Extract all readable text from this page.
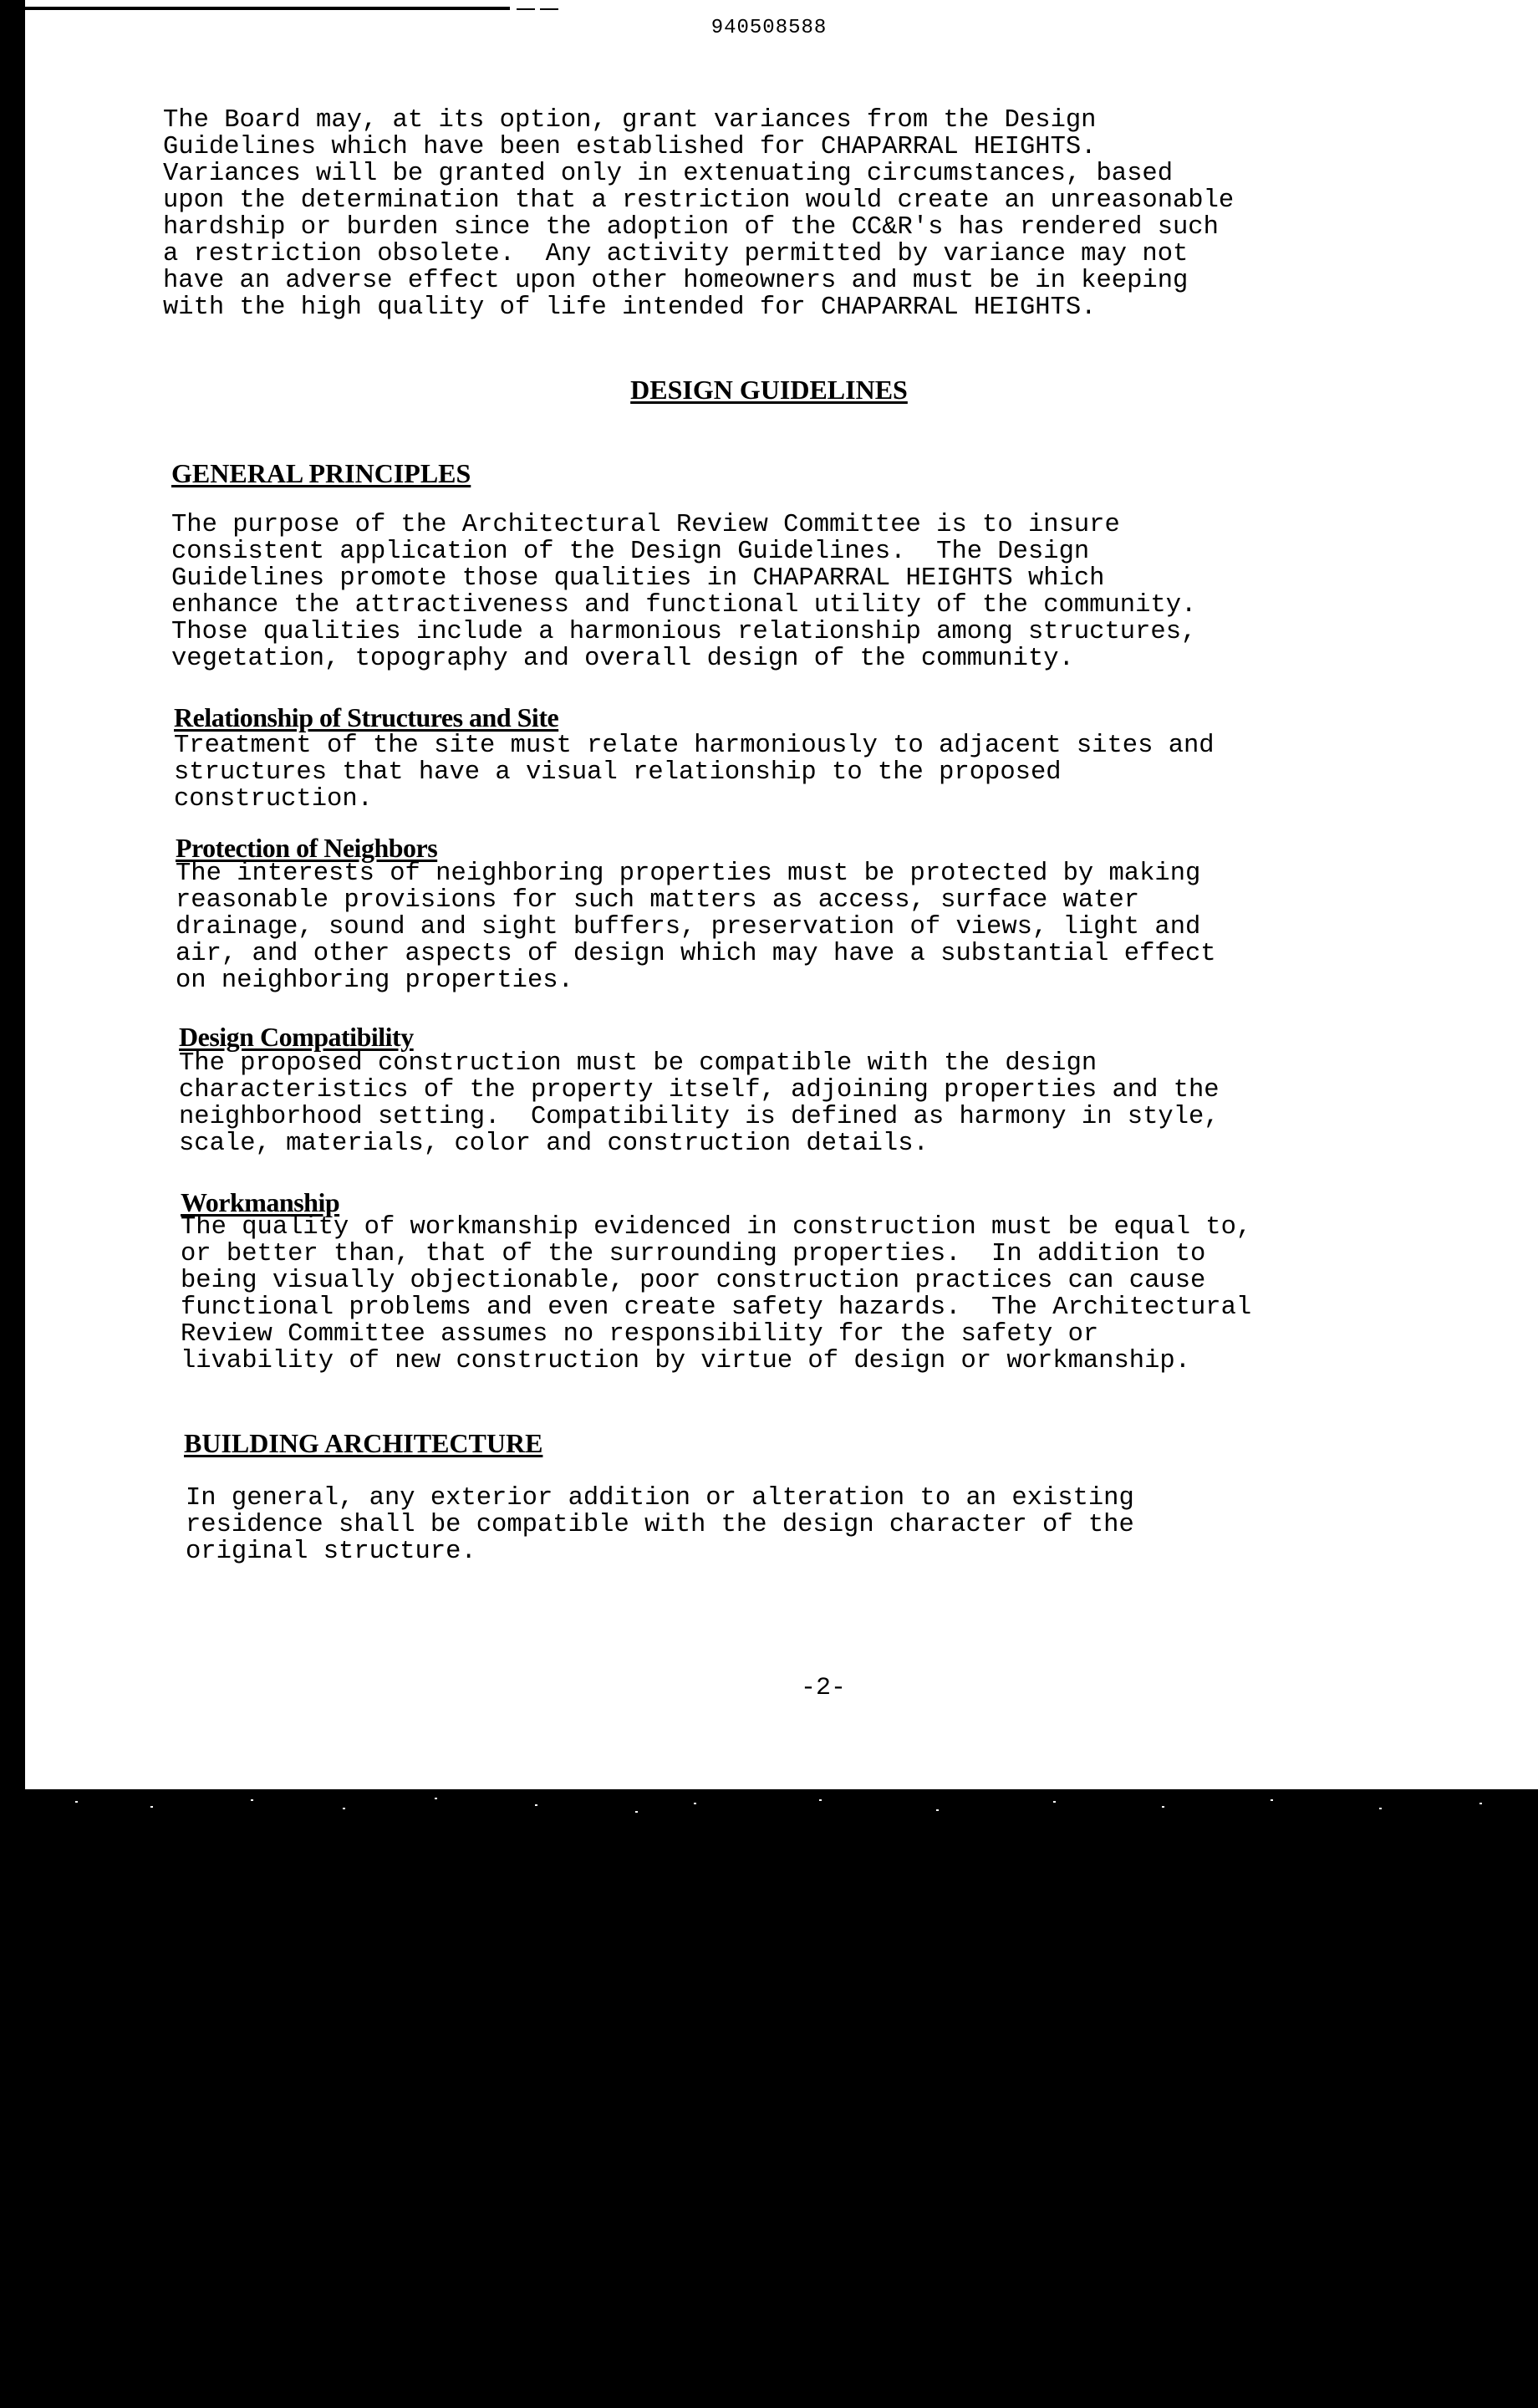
940508588

The Board may, at its option, grant variances from the Design
Guidelines which have been established for CHAPARRAL HEIGHTS.
Variances will be granted only in extenuating circumstances, based
upon the determination that a restriction would create an unreasonable
hardship or burden since the adoption of the CC&R's has rendered such
a restriction obsolete.  Any activity permitted by variance may not
have an adverse effect upon other homeowners and must be in keeping
with the high quality of life intended for CHAPARRAL HEIGHTS.

DESIGN GUIDELINES
GENERAL PRINCIPLES

The purpose of the Architectural Review Committee is to insure
consistent application of the Design Guidelines.  The Design
Guidelines promote those qualities in CHAPARRAL HEIGHTS which
enhance the attractiveness and functional utility of the community.
Those qualities include a harmonious relationship among structures,
vegetation, topography and overall design of the community.

Relationship of Structures and Site

Treatment of the site must relate harmoniously to adjacent sites and
structures that have a visual relationship to the proposed
construction.

Protection of Neighbors

The interests of neighboring properties must be protected by making
reasonable provisions for such matters as access, surface water
drainage, sound and sight buffers, preservation of views, light and
air, and other aspects of design which may have a substantial effect
on neighboring properties.

Design Compatibility

The proposed construction must be compatible with the design
characteristics of the property itself, adjoining properties and the
neighborhood setting.  Compatibility is defined as harmony in style,
scale, materials, color and construction details.

Workmanship

The quality of workmanship evidenced in construction must be equal to,
or better than, that of the surrounding properties.  In addition to
being visually objectionable, poor construction practices can cause
functional problems and even create safety hazards.  The Architectural
Review Committee assumes no responsibility for the safety or
livability of new construction by virtue of design or workmanship.

BUILDING ARCHITECTURE

In general, any exterior addition or alteration to an existing
residence shall be compatible with the design character of the
original structure.

-2-
